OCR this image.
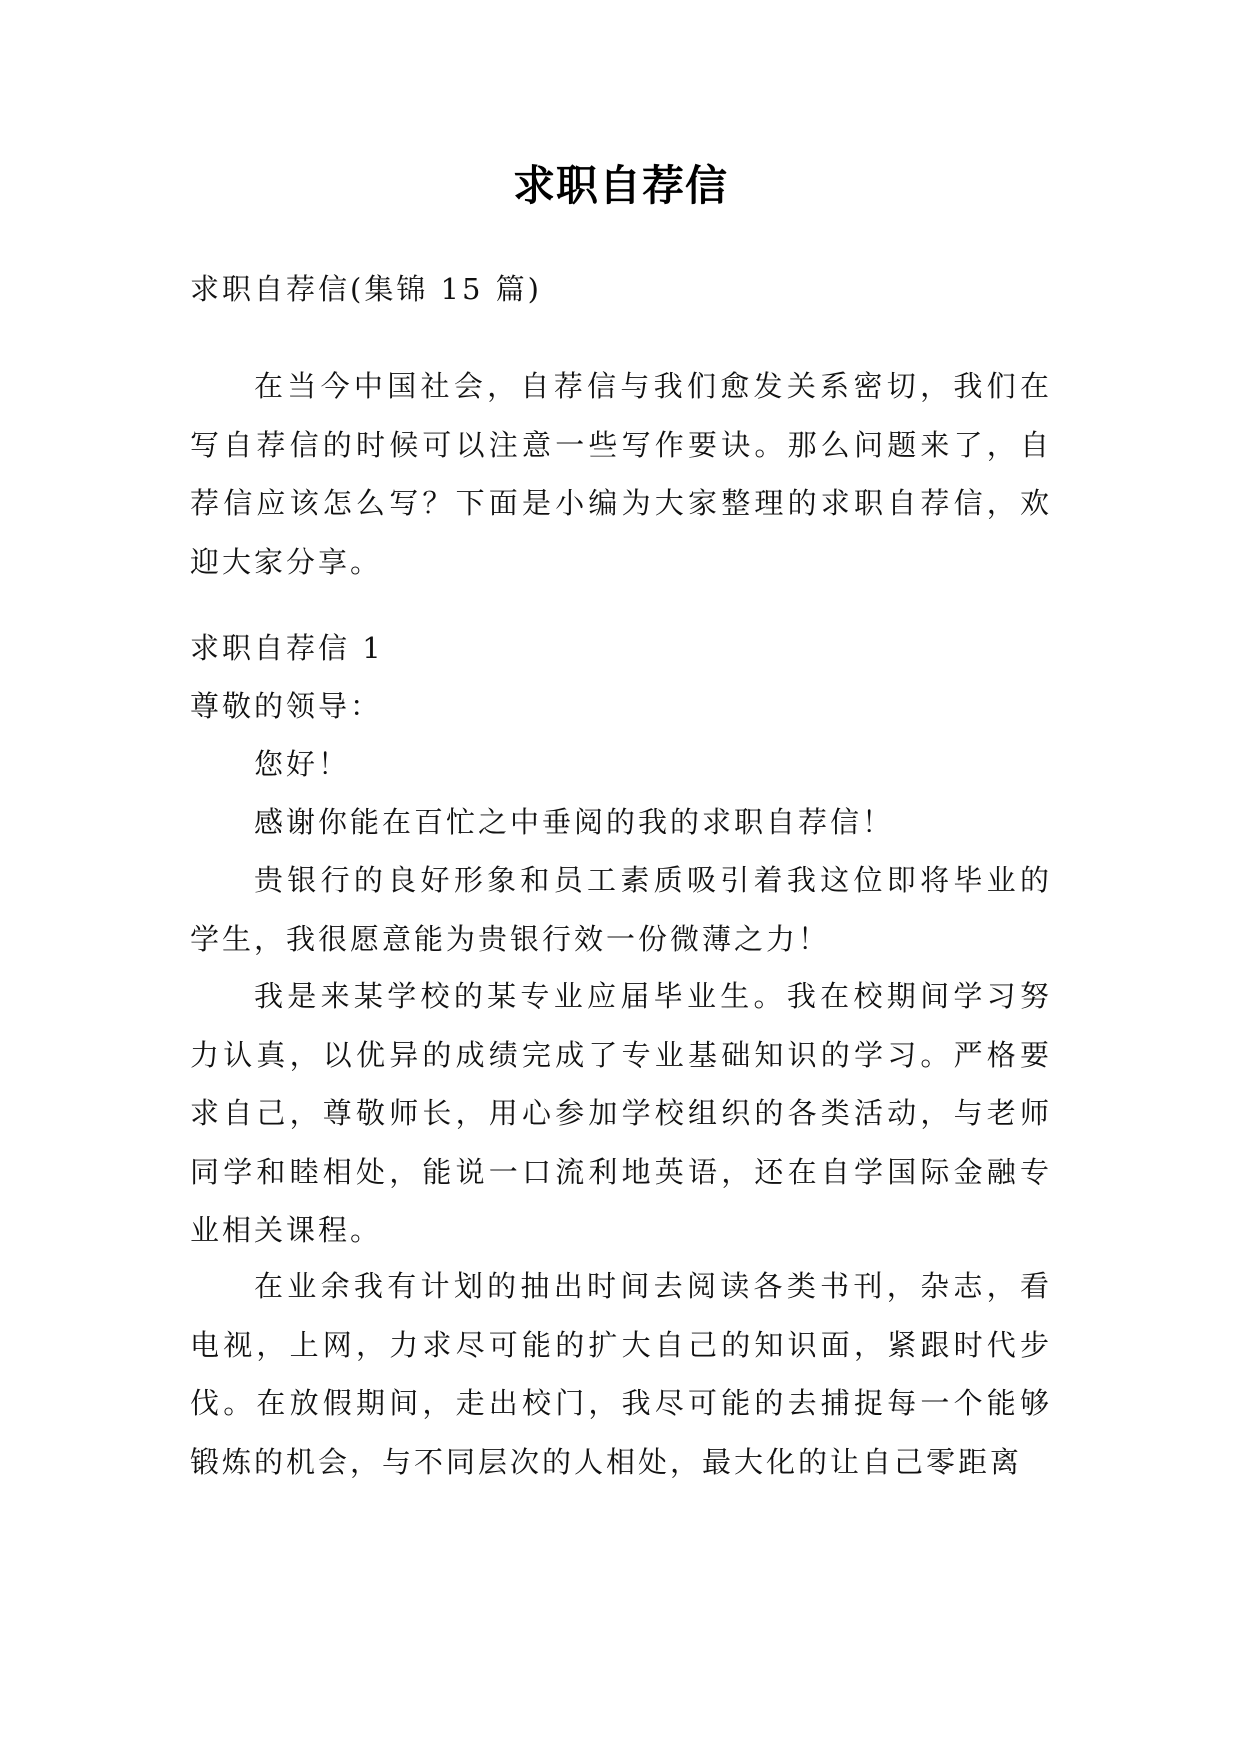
求职自荐信
求职自荐信(集锦 15 篇)

在当今中国社会，自荐信与我们愈发关系密切，我们在写自荐信的时候可以注意一些写作要诀。那么问题来了，自荐信应该怎么写？下面是小编为大家整理的求职自荐信，欢迎大家分享。

求职自荐信 1
尊敬的领导：
您好！
感谢你能在百忙之中垂阅的我的求职自荐信！

贵银行的良好形象和员工素质吸引着我这位即将毕业的学生，我很愿意能为贵银行效一份微薄之力！

我是来某学校的某专业应届毕业生。我在校期间学习努力认真，以优异的成绩完成了专业基础知识的学习。严格要求自己，尊敬师长，用心参加学校组织的各类活动，与老师同学和睦相处，能说一口流利地英语，还在自学国际金融专业相关课程。

在业余我有计划的抽出时间去阅读各类书刊，杂志，看电视，上网，力求尽可能的扩大自己的知识面，紧跟时代步伐。在放假期间，走出校门，我尽可能的去捕捉每一个能够锻炼的机会，与不同层次的人相处，最大化的让自己零距离
